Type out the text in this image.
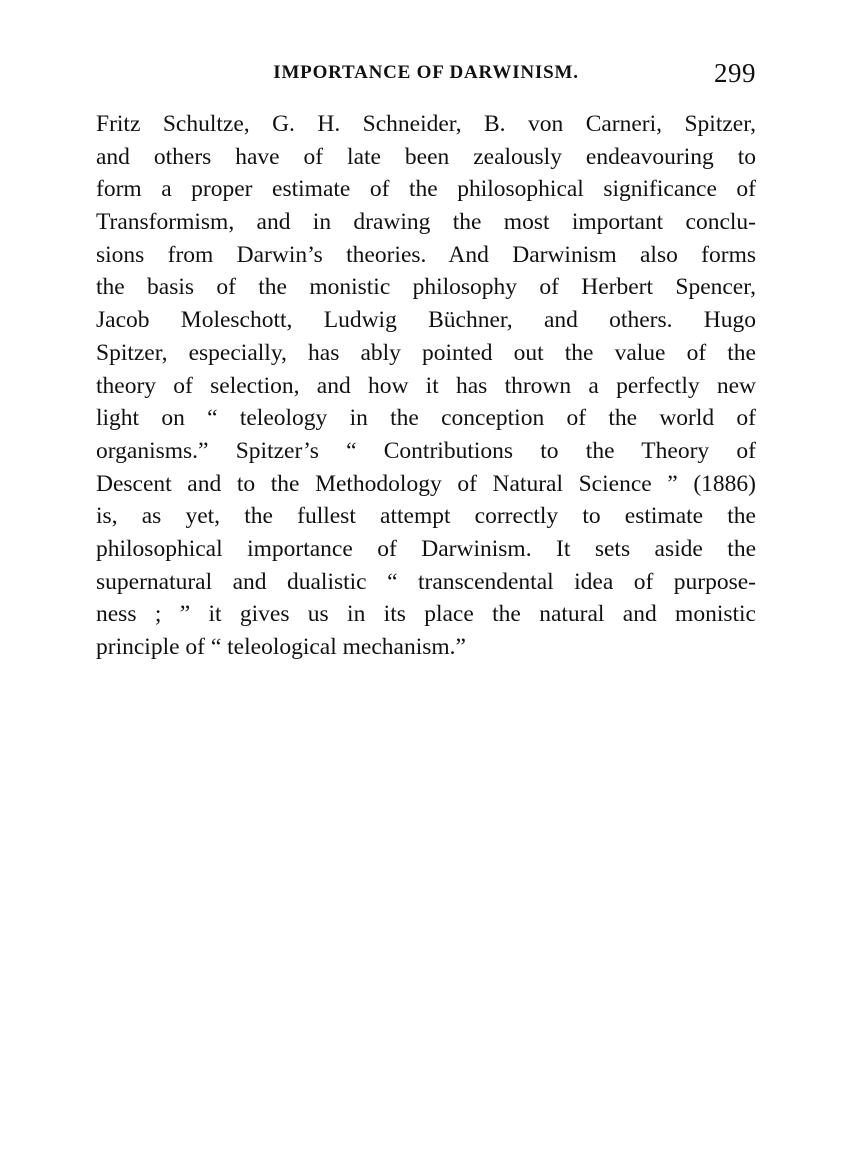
IMPORTANCE OF DARWINISM.	299
Fritz Schultze, G. H. Schneider, B. von Carneri, Spitzer,
and others have of late been zealously endeavouring to
form a proper estimate of the philosophical significance of
Transformism, and in drawing the most important conclu-
sions from Darwin’s theories. And Darwinism also forms
the basis of the monistic philosophy of Herbert Spencer,
Jacob Moleschott, Ludwig Büchner, and others. Hugo
Spitzer, especially, has ably pointed out the value of the
theory of selection, and how it has thrown a perfectly new
light on “ teleology in the conception of the world of
organisms.” Spitzer’s “ Contributions to the Theory of
Descent and to the Methodology of Natural Science ” (1886)
is, as yet, the fullest attempt correctly to estimate the
philosophical importance of Darwinism. It sets aside the
supernatural and dualistic “ transcendental idea of purpose-
ness ; ” it gives us in its place the natural and monistic
principle of “ teleological mechanism.”
